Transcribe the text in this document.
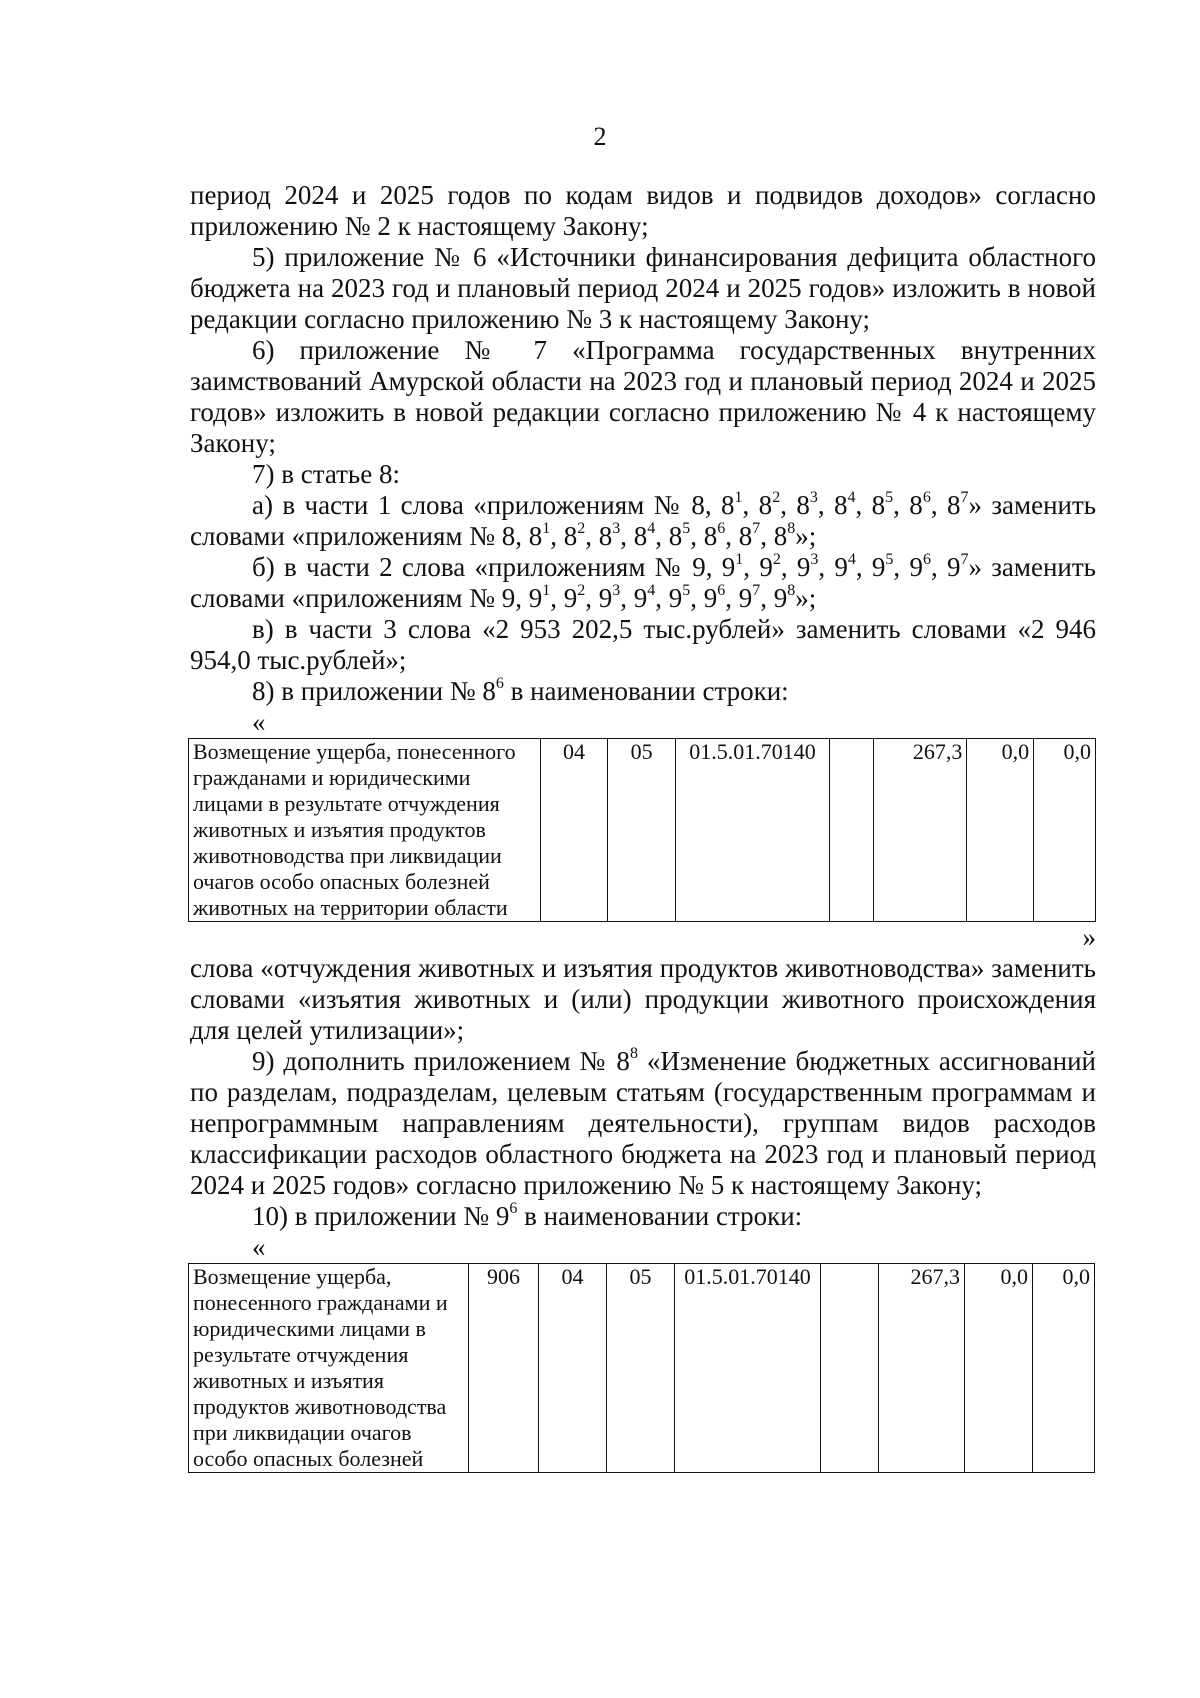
2

период 2024 и 2025 годов по кодам видов и подвидов доходов» согласно приложению № 2 к настоящему Закону;

5) приложение № 6 «Источники финансирования дефицита областного бюджета на 2023 год и плановый период 2024 и 2025 годов» изложить в новой редакции согласно приложению № 3 к настоящему Закону;

6) приложение № 7 «Программа государственных внутренних заимствований Амурской области на 2023 год и плановый период 2024 и 2025 годов» изложить в новой редакции согласно приложению № 4 к настоящему Закону;

7) в статье 8:

а) в части 1 слова «приложениям № 8, $8^1$, $8^2$, $8^3$, $8^4$, $8^5$, $8^6$, $8^7$» заменить словами «приложениям № 8, $8^1$, $8^2$, $8^3$, $8^4$, $8^5$, $8^6$, $8^7$, $8^8$»;

б) в части 2 слова «приложениям № 9, $9^1$, $9^2$, $9^3$, $9^4$, $9^5$, $9^6$, $9^7$» заменить словами «приложениям № 9, $9^1$, $9^2$, $9^3$, $9^4$, $9^5$, $9^6$, $9^7$, $9^8$»;

в) в части 3 слова «2 953 202,5 тыс.рублей» заменить словами «2 946 954,0 тыс.рублей»;

8) в приложении № $8^6$ в наименовании строки:

«

Возмещение ущерба, понесенного гражданами и юридическими лицами в результате отчуждения животных и изъятия продуктов животноводства при ликвидации очагов особо опасных болезней животных на территории области	04	05	01.5.01.70140		267,3	0,0	0,0

»

слова «отчуждения животных и изъятия продуктов животноводства» заменить словами «изъятия животных и (или) продукции животного происхождения для целей утилизации»;

9) дополнить приложением № $8^8$ «Изменение бюджетных ассигнований по разделам, подразделам, целевым статьям (государственным программам и непрограммным направлениям деятельности), группам видов расходов классификации расходов областного бюджета на 2023 год и плановый период 2024 и 2025 годов» согласно приложению № 5 к настоящему Закону;

10) в приложении № $9^6$ в наименовании строки:

«

Возмещение ущерба, понесенного гражданами и юридическими лицами в результате отчуждения животных и изъятия продуктов животноводства при ликвидации очагов особо опасных болезней	906	04	05	01.5.01.70140		267,3	0,0	0,0
